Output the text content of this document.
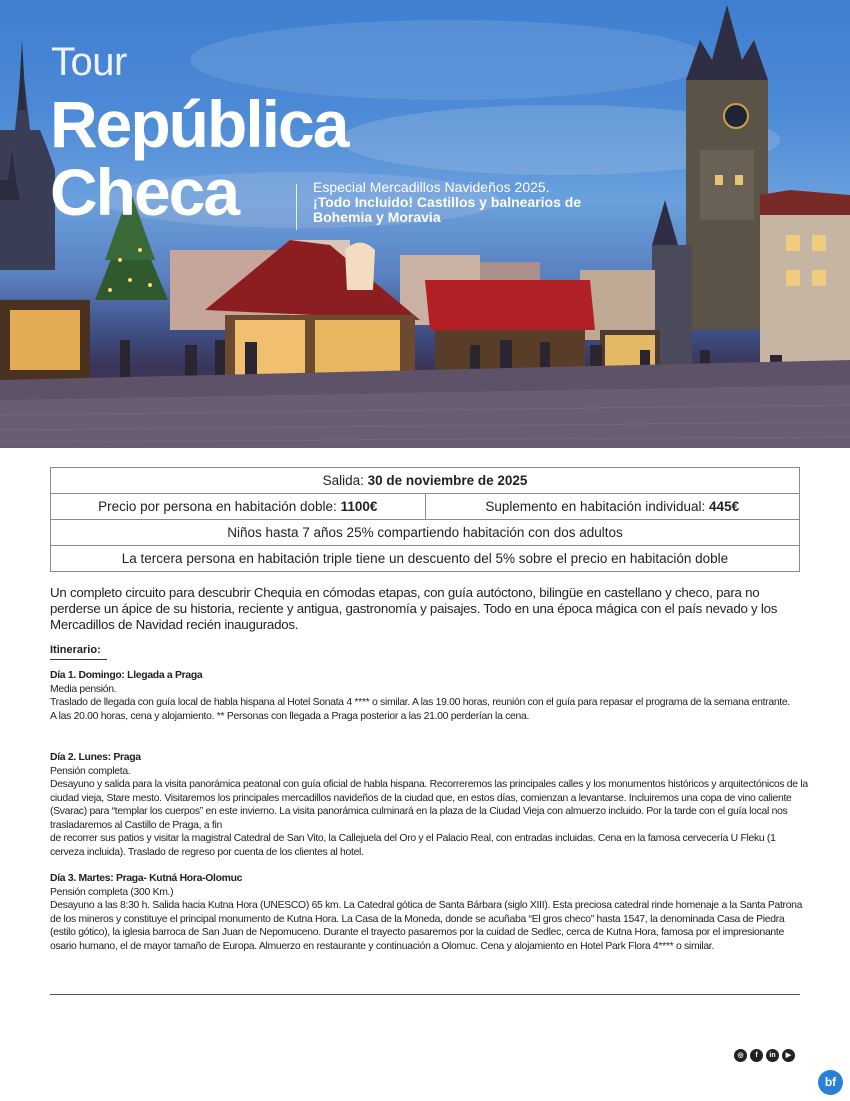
Tour
República
Checa	Especial Mercadillos Navideños 2025.
¡Todo Incluido! Castillos y balnearios de Bohemia y Moravia
Salida: 30 de noviembre de 2025
Precio por persona en habitación doble: 1100€	Suplemento en habitación individual: 445€
Niños hasta 7 años 25% compartiendo habitación con dos adultos
La tercera persona en habitación triple tiene un descuento del 5% sobre el precio en habitación doble
Un completo circuito para descubrir Chequia en cómodas etapas, con guía autóctono, bilingüe en castellano y checo, para no perderse un ápice de su historia, reciente y antigua, gastronomía y paisajes. Todo en una época mágica con el país nevado y los Mercadillos de Navidad recién inaugurados.
Itinerario:
Día 1. Domingo: Llegada a Praga
Media pensión.
Traslado de llegada con guía local de habla hispana al Hotel Sonata 4 **** o similar. A las 19.00 horas, reunión con el guía para repasar el programa de la semana entrante.
A las 20.00 horas, cena y alojamiento. ** Personas con llegada a Praga posterior a las 21.00 perderían la cena.
Día 2. Lunes: Praga
Pensión completa.
Desayuno y salida para la visita panorámica peatonal con guía oficial de habla hispana. Recorreremos las principales calles y los monumentos históricos y arquitectónicos de la ciudad vieja, Stare mesto. Visitaremos los principales mercadillos navideños de la ciudad que, en estos días, comienzan a levantarse. Incluiremos una copa de vino caliente (Svarac) para “templar los cuerpos” en este invierno. La visita panorámica culminará en la plaza de la Ciudad Vieja con almuerzo incluido. Por la tarde con el guía local nos trasladaremos al Castillo de Praga, a fin
de recorrer sus patios y visitar la magistral Catedral de San Vito, la Callejuela del Oro y el Palacio Real, con entradas incluidas. Cena en la famosa cervecería U Fleku (1 cerveza incluida). Traslado de regreso por cuenta de los clientes al hotel.
Día 3. Martes: Praga- Kutná Hora-Olomuc
Pensión completa (300 Km.)
Desayuno a las 8:30 h. Salida hacia Kutna Hora (UNESCO) 65 km. La Catedral gótica de Santa Bárbara (siglo XIII). Esta preciosa catedral rinde homenaje a la Santa Patrona de los mineros y constituye el principal monumento de Kutna Hora. La Casa de la Moneda, donde se acuñaba “El gros checo” hasta 1547, la denominada Casa de Piedra (estilo gótico), la iglesia barroca de San Juan de Nepomuceno. Durante el trayecto pasaremos por la cuidad de Sedlec, cerca de Kutna Hora, famosa por el impresionante osario humano, el de mayor tamaño de Europa. Almuerzo en restaurante y continuación a Olomuc. Cena y alojamiento en Hotel Park Flora 4**** o similar.
◎	f	in	▶
bf
